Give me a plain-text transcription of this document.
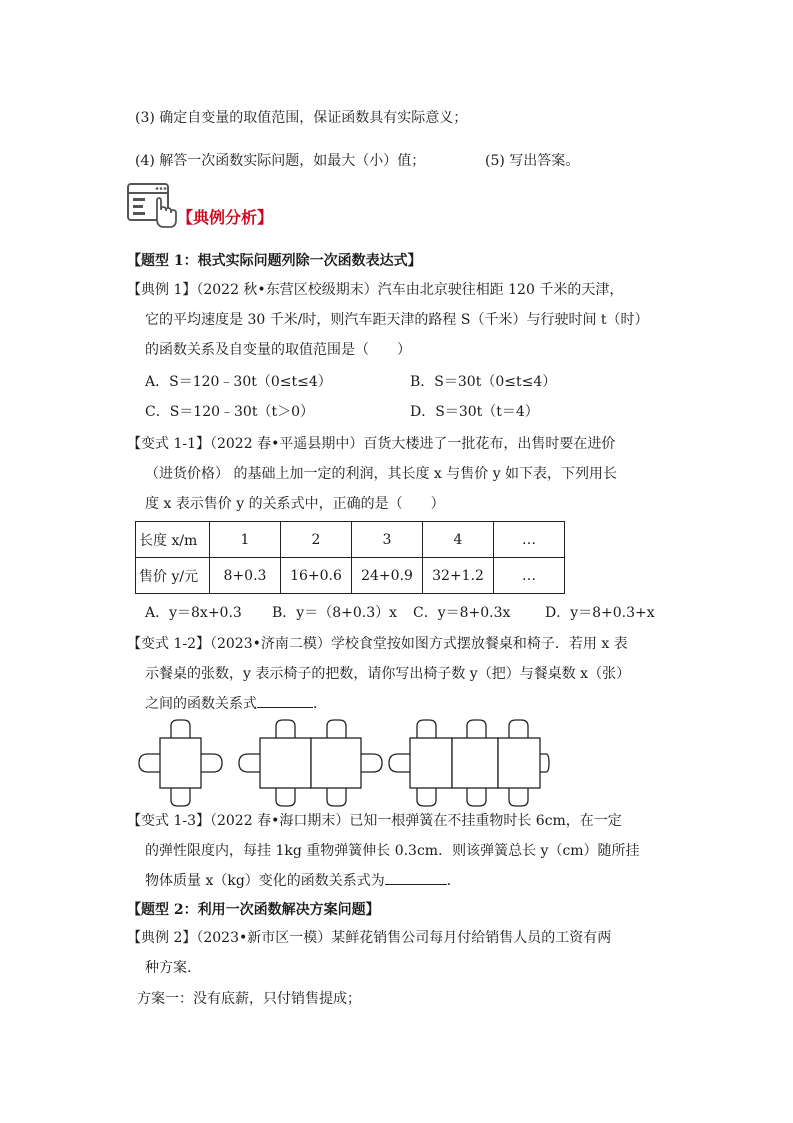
(3) 确定自变量的取值范围，保证函数具有实际意义；
(4) 解答一次函数实际问题，如最大（小）值；	(5) 写出答案。
【典例分析】
【题型 1：根式实际问题列除一次函数表达式】
【典例 1】（2022 秋•东营区校级期末）汽车由北京驶往相距 120 千米的天津，
它的平均速度是 30 千米/时，则汽车距天津的路程 S（千米）与行驶时间 t（时）
的函数关系及自变量的取值范围是（　　）
A．S＝120﹣30t（0≤t≤4）	B．S＝30t（0≤t≤4）
C．S＝120﹣30t（t＞0）	D．S＝30t（t＝4）
【变式 1-1】（2022 春•平遥县期中）百货大楼进了一批花布，出售时要在进价
（进货价格） 的基础上加一定的利润，其长度 x 与售价 y 如下表，下列用长
度 x 表示售价 y 的关系式中，正确的是（　　）
长度 x/m	1	2	3	4	…
售价 y/元	8+0.3	16+0.6	24+0.9	32+1.2	…
A．y＝8x+0.3 B．y＝（8+0.3）x C．y＝8+0.3x D．y＝8+0.3+x
【变式 1-2】（2023•济南二模）学校食堂按如图方式摆放餐桌和椅子．若用 x 表
示餐桌的张数，y 表示椅子的把数，请你写出椅子数 y（把）与餐桌数 x（张）
之间的函数关系式	．
【变式 1-3】（2022 春•海口期末）已知一根弹簧在不挂重物时长 6cm，在一定
的弹性限度内，每挂 1kg 重物弹簧伸长 0.3cm．则该弹簧总长 y（cm）随所挂
物体质量 x（kg）变化的函数关系式为	．
【题型 2：利用一次函数解决方案问题】
【典例 2】（2023•新市区一模）某鲜花销售公司每月付给销售人员的工资有两
种方案.
方案一：没有底薪，只付销售提成；
